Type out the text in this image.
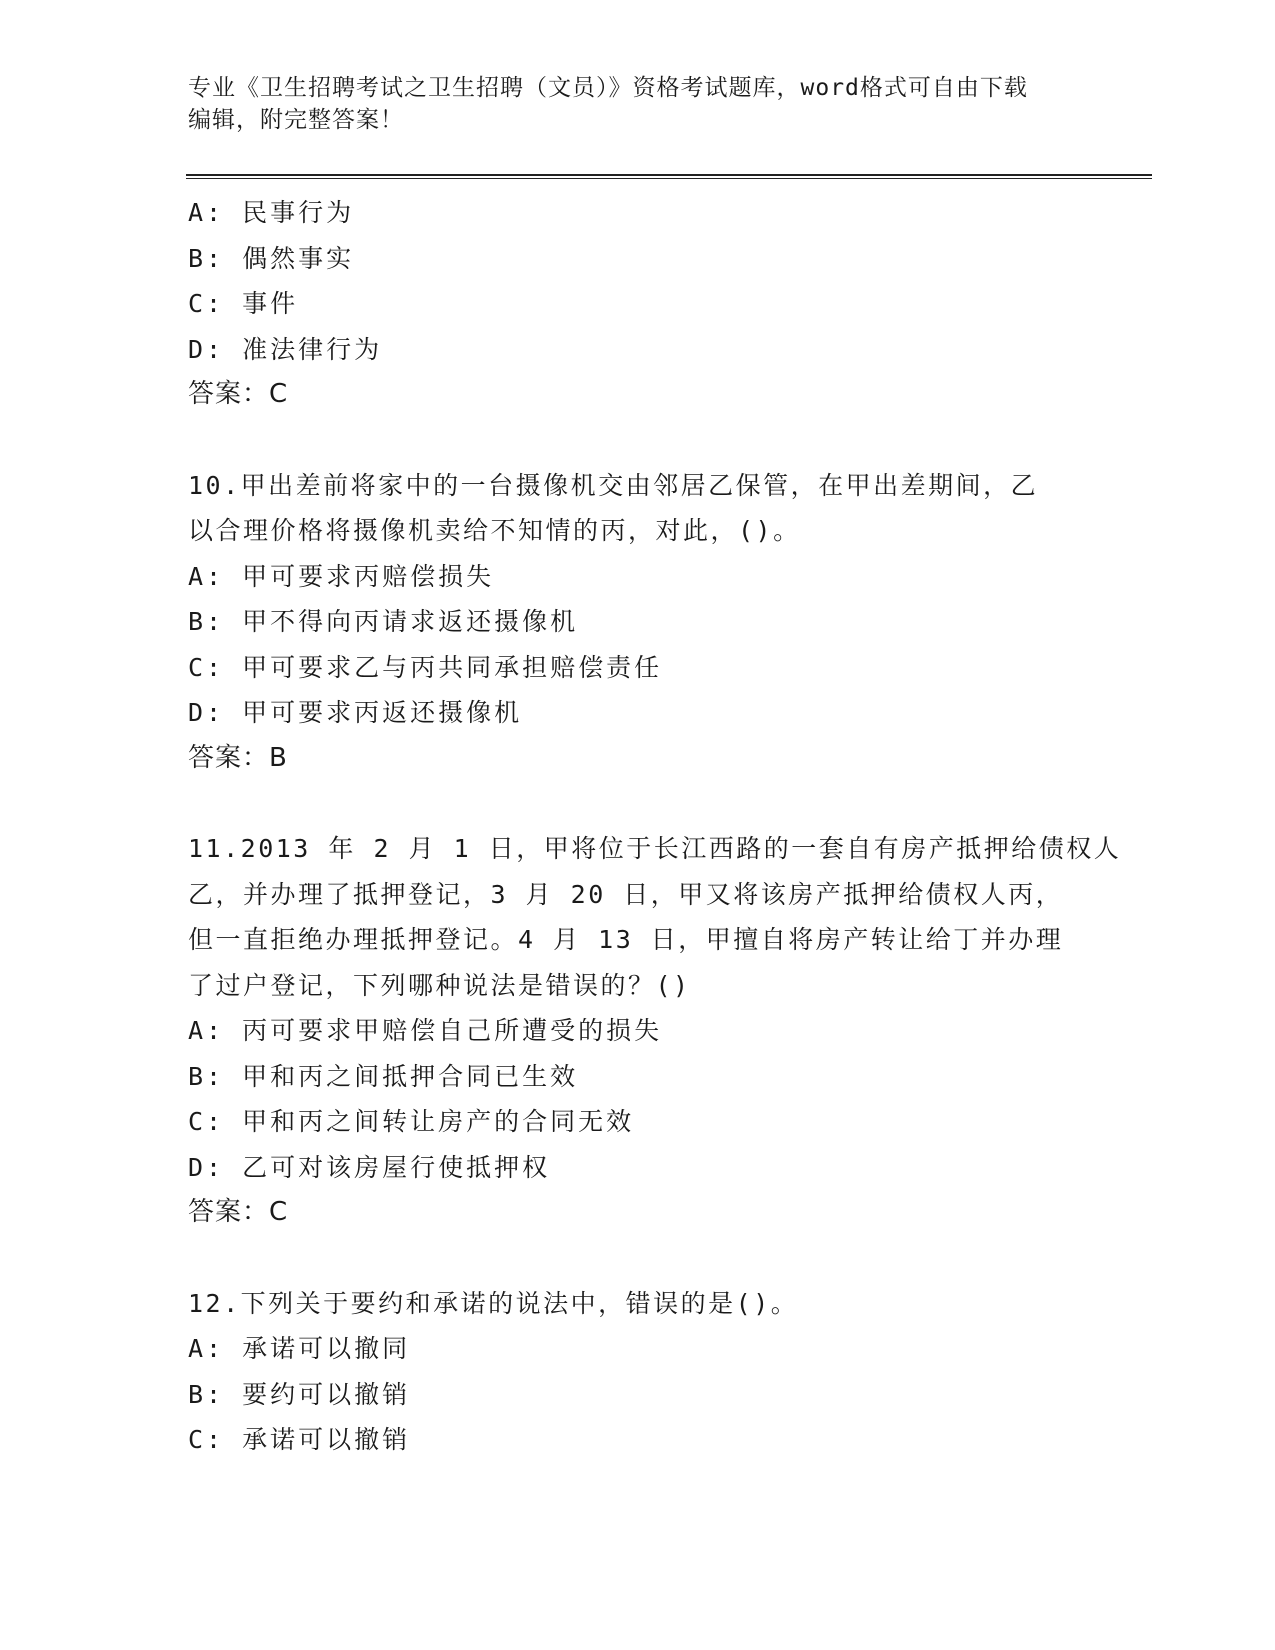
专业《卫生招聘考试之卫生招聘（文员）》资格考试题库，word格式可自由下载
编辑，附完整答案！
A: 民事行为
B: 偶然事实
C: 事件
D: 准法律行为
答案：C
10.甲出差前将家中的一台摄像机交由邻居乙保管，在甲出差期间，乙
以合理价格将摄像机卖给不知情的丙，对此，()。
A: 甲可要求丙赔偿损失
B: 甲不得向丙请求返还摄像机
C: 甲可要求乙与丙共同承担赔偿责任
D: 甲可要求丙返还摄像机
答案：B
11.2013 年 2 月 1 日，甲将位于长江西路的一套自有房产抵押给债权人
乙，并办理了抵押登记，3 月 20 日，甲又将该房产抵押给债权人丙，
但一直拒绝办理抵押登记。4 月 13 日，甲擅自将房产转让给丁并办理
了过户登记，下列哪种说法是错误的？()
A: 丙可要求甲赔偿自己所遭受的损失
B: 甲和丙之间抵押合同已生效
C: 甲和丙之间转让房产的合同无效
D: 乙可对该房屋行使抵押权
答案：C
12.下列关于要约和承诺的说法中，错误的是()。
A: 承诺可以撤同
B: 要约可以撤销
C: 承诺可以撤销
